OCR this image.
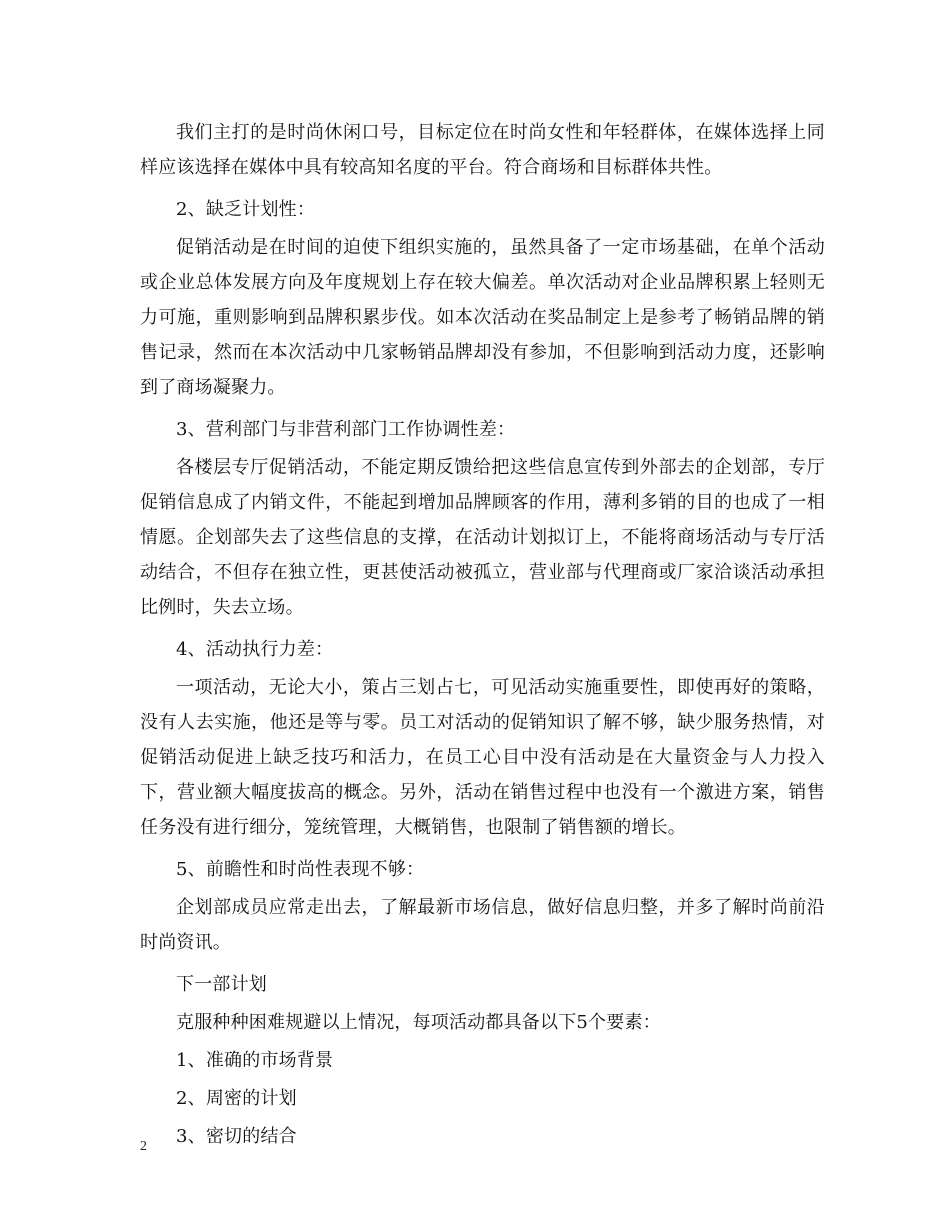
我们主打的是时尚休闲口号，目标定位在时尚女性和年轻群体，在媒体选择上同样应该选择在媒体中具有较高知名度的平台。符合商场和目标群体共性。

2、缺乏计划性：

促销活动是在时间的迫使下组织实施的，虽然具备了一定市场基础，在单个活动或企业总体发展方向及年度规划上存在较大偏差。单次活动对企业品牌积累上轻则无力可施，重则影响到品牌积累步伐。如本次活动在奖品制定上是参考了畅销品牌的销售记录，然而在本次活动中几家畅销品牌却没有参加，不但影响到活动力度，还影响到了商场凝聚力。

3、营利部门与非营利部门工作协调性差：

各楼层专厅促销活动，不能定期反馈给把这些信息宣传到外部去的企划部，专厅促销信息成了内销文件，不能起到增加品牌顾客的作用，薄利多销的目的也成了一相情愿。企划部失去了这些信息的支撑，在活动计划拟订上，不能将商场活动与专厅活动结合，不但存在独立性，更甚使活动被孤立，营业部与代理商或厂家洽谈活动承担比例时，失去立场。

4、活动执行力差：

一项活动，无论大小，策占三划占七，可见活动实施重要性，即使再好的策略，没有人去实施，他还是等与零。员工对活动的促销知识了解不够，缺少服务热情，对促销活动促进上缺乏技巧和活力，在员工心目中没有活动是在大量资金与人力投入下，营业额大幅度拔高的概念。另外，活动在销售过程中也没有一个激进方案，销售任务没有进行细分，笼统管理，大概销售，也限制了销售额的增长。

5、前瞻性和时尚性表现不够：

企划部成员应常走出去，了解最新市场信息，做好信息归整，并多了解时尚前沿时尚资讯。

下一部计划

克服种种困难规避以上情况，每项活动都具备以下5个要素：

1、准确的市场背景

2、周密的计划

3、密切的结合

2
